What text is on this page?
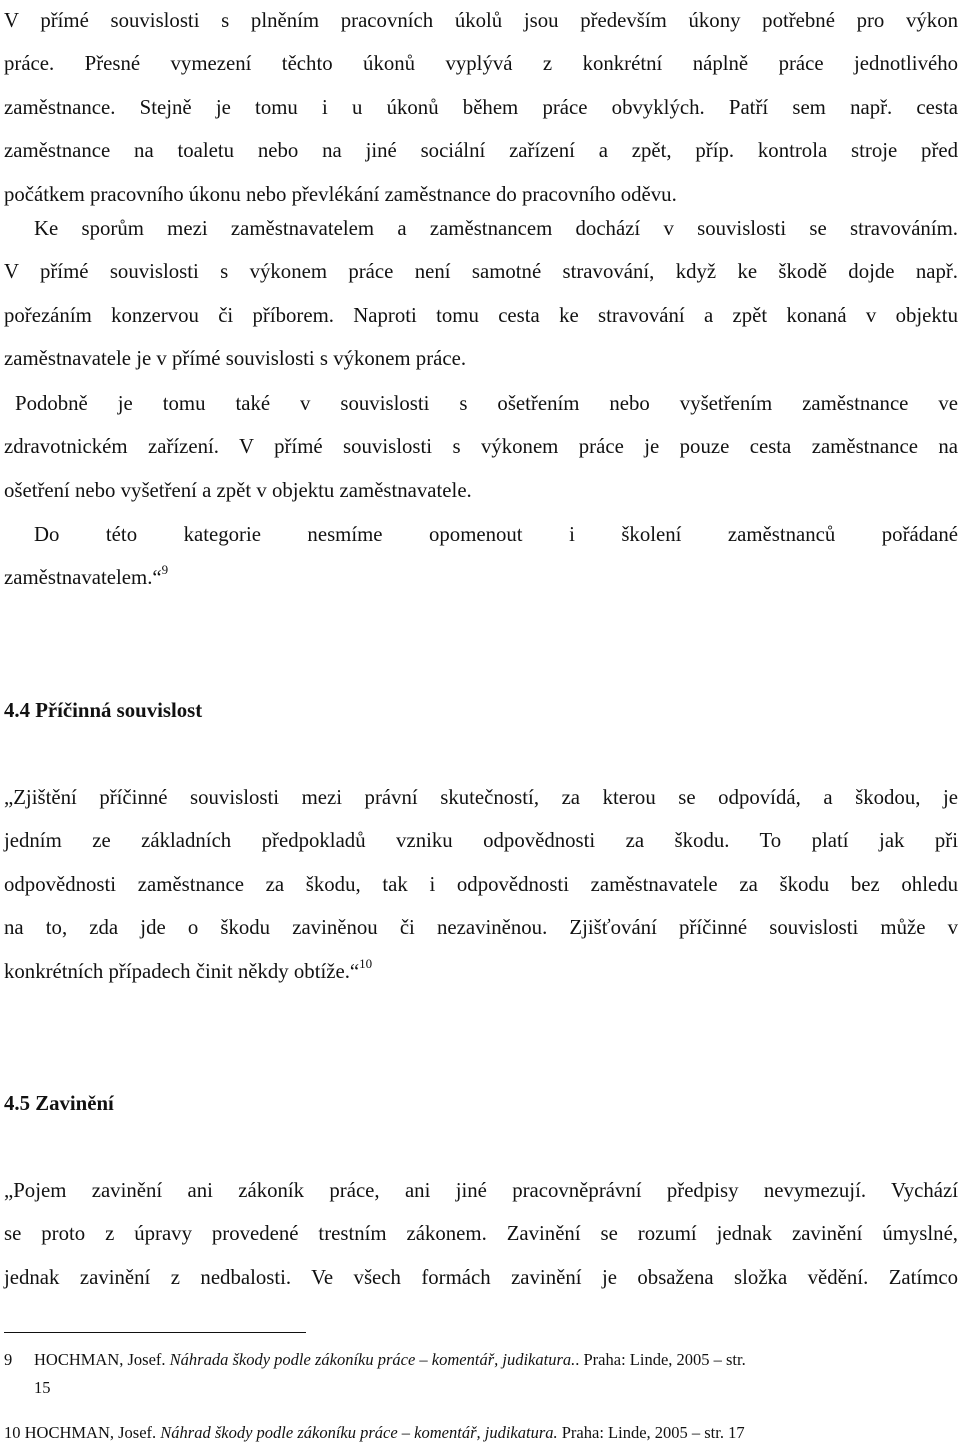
V přímé souvislosti s plněním pracovních úkolů jsou především úkony potřebné pro výkon
práce. Přesné vymezení těchto úkonů vyplývá z konkrétní náplně práce jednotlivého
zaměstnance. Stejně je tomu i u úkonů během práce obvyklých. Patří sem např. cesta
zaměstnance na toaletu nebo na jiné sociální zařízení a zpět, příp. kontrola stroje před
počátkem pracovního úkonu nebo převlékání zaměstnance do pracovního oděvu.
Ke sporům mezi zaměstnavatelem a zaměstnancem dochází v souvislosti se stravováním.
V přímé souvislosti s výkonem práce není samotné stravování, když ke škodě dojde např.
pořezáním konzervou či příborem. Naproti tomu cesta ke stravování a zpět konaná v objektu
zaměstnavatele je v přímé souvislosti s výkonem práce.
Podobně je tomu také v souvislosti s ošetřením nebo vyšetřením zaměstnance ve
zdravotnickém zařízení. V přímé souvislosti s výkonem práce je pouze cesta zaměstnance na
ošetření nebo vyšetření a zpět v objektu zaměstnavatele.
Do této kategorie nesmíme opomenout i školení zaměstnanců pořádané
zaměstnavatelem.“$^9$
4.4 Příčinná souvislost
„Zjištění příčinné souvislosti mezi právní skutečností, za kterou se odpovídá, a škodou, je
jedním ze základních předpokladů vzniku odpovědnosti za škodu. To platí jak při
odpovědnosti zaměstnance za škodu, tak i odpovědnosti zaměstnavatele za škodu bez ohledu
na to, zda jde o škodu zaviněnou či nezaviněnou. Zjišťování příčinné souvislosti může v
konkrétních případech činit někdy obtíže.“$^{10}$
4.5 Zavinění
„Pojem zavinění ani zákoník práce, ani jiné pracovněprávní předpisy nevymezují. Vychází
se proto z úpravy provedené trestním zákonem. Zavinění se rozumí jednak zavinění úmyslné,
jednak zavinění z nedbalosti. Ve všech formách zavinění je obsažena složka vědění. Zatímco
9 HOCHMAN, Josef. Náhrada škody podle zákoníku práce – komentář, judikatura.. Praha: Linde, 2005 – str.
15
10 HOCHMAN, Josef. Náhrad škody podle zákoníku práce – komentář, judikatura. Praha: Linde, 2005 – str. 17
